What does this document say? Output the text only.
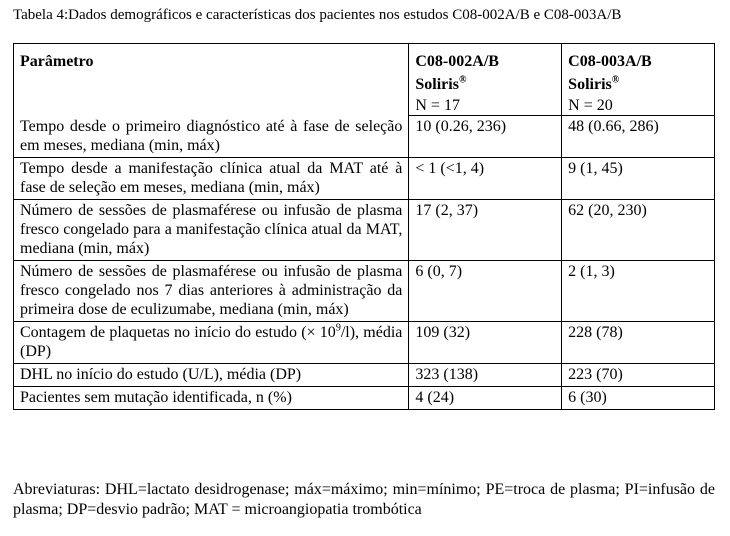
Tabela 4:Dados demográficos e características dos pacientes nos estudos C08-002A/B e C08-003A/B
Parâmetro	C08-002A/B	C08-003A/B
	Soliris®	Soliris®
	N = 17	N = 20
Tempo desde o primeiro diagnóstico até à fase de seleção em meses, mediana (min, máx)	10 (0.26, 236)	48 (0.66, 286)
Tempo desde a manifestação clínica atual da MAT até à fase de seleção em meses, mediana (min, máx)	< 1 (<1, 4)	9 (1, 45)
Número de sessões de plasmaférese ou infusão de plasma fresco congelado para a manifestação clínica atual da MAT, mediana (min, máx)	17 (2, 37)	62 (20, 230)
Número de sessões de plasmaférese ou infusão de plasma fresco congelado nos 7 dias anteriores à administração da primeira dose de eculizumabe, mediana (min, máx)	6 (0, 7)	2 (1, 3)
Contagem de plaquetas no início do estudo (× $10^9/l$), média (DP)	109 (32)	228 (78)
DHL no início do estudo (U/L), média (DP)	323 (138)	223 (70)
Pacientes sem mutação identificada, n (%)	4 (24)	6 (30)
Abreviaturas: DHL=lactato desidrogenase; máx=máximo; min=mínimo; PE=troca de plasma; PI=infusão de plasma; DP=desvio padrão; MAT = microangiopatia trombótica
